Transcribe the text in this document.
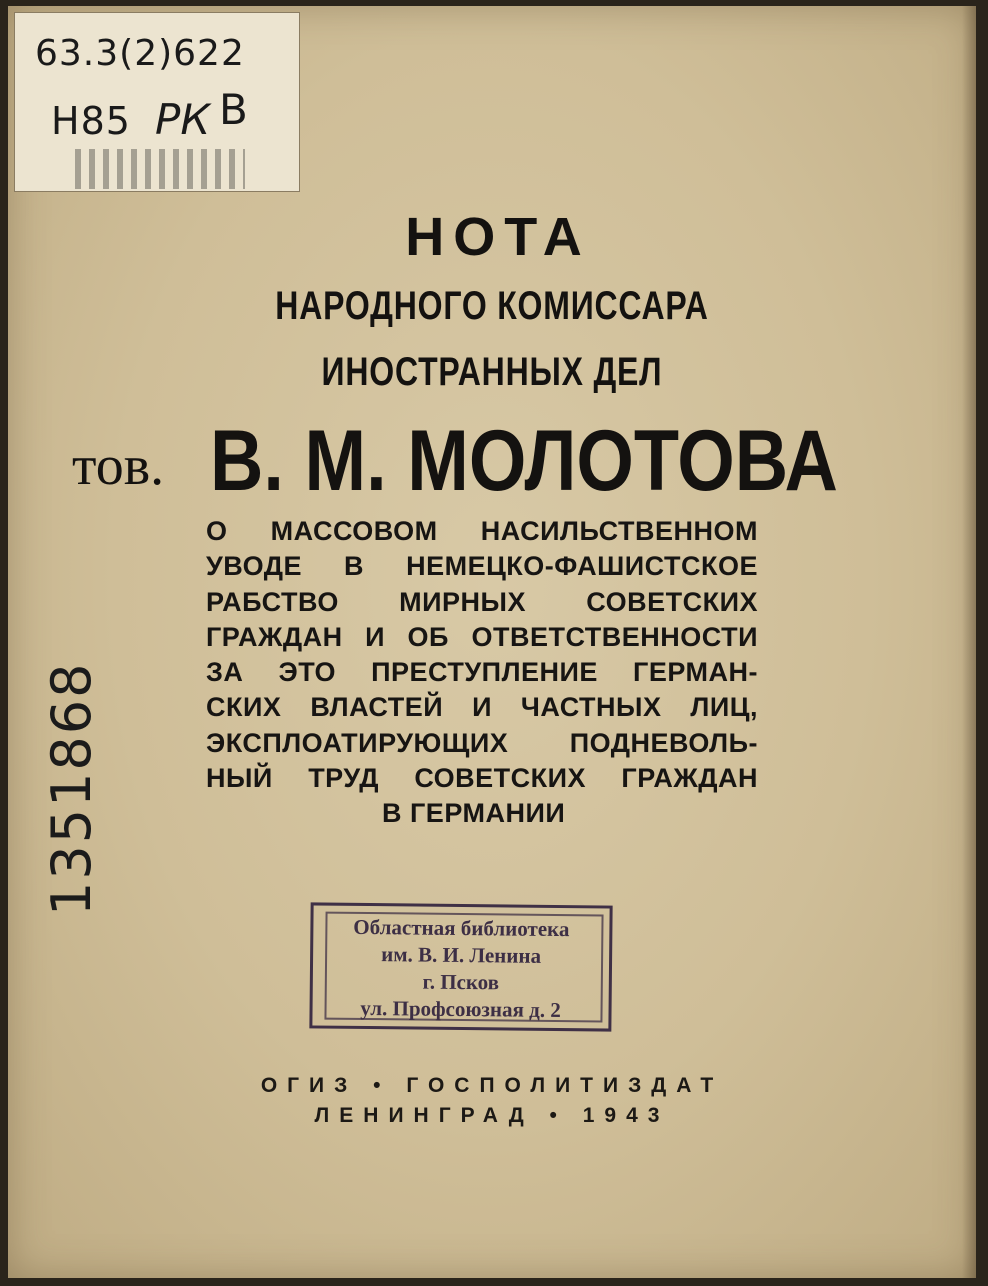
63.3(2)622
Н85 РК В
1351868
НОТА
НАРОДНОГО КОМИССАРА
ИНОСТРАННЫХ ДЕЛ
тов. В. М. МОЛОТОВА
О МАССОВОМ НАСИЛЬСТВЕННОМ
УВОДЕ В НЕМЕЦКО-ФАШИСТСКОЕ
РАБСТВО МИРНЫХ СОВЕТСКИХ
ГРАЖДАН И ОБ ОТВЕТСТВЕННОСТИ
ЗА ЭТО ПРЕСТУПЛЕНИЕ ГЕРМАН-
СКИХ ВЛАСТЕЙ И ЧАСТНЫХ ЛИЦ,
ЭКСПЛОАТИРУЮЩИХ ПОДНЕВОЛЬ-
НЫЙ ТРУД СОВЕТСКИХ ГРАЖДАН
В ГЕРМАНИИ
Областная библиотека
им. В. И. Ленина
г. Псков
ул. Профсоюзная д. 2
ОГИЗ • ГОСПОЛИТИЗДАТ
ЛЕНИНГРАД • 1943
